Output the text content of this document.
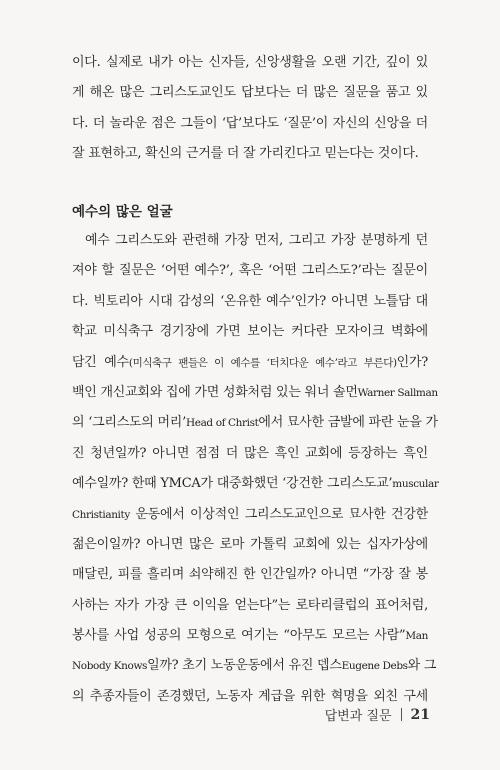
이다. 실제로 내가 아는 신자들, 신앙생활을 오랜 기간, 깊이 있
게 해온 많은 그리스도교인도 답보다는 더 많은 질문을 품고 있
다. 더 놀라운 점은 그들이 ‘답’보다도 ‘질문’이 자신의 신앙을 더
잘 표현하고, 확신의 근거를 더 잘 가리킨다고 믿는다는 것이다.
예수의 많은 얼굴
예수 그리스도와 관련해 가장 먼저, 그리고 가장 분명하게 던
져야 할 질문은 ‘어떤 예수?’, 혹은 ‘어떤 그리스도?’라는 질문이
다. 빅토리아 시대 감성의 ‘온유한 예수’인가? 아니면 노틀담 대
학교 미식축구 경기장에 가면 보이는 커다란 모자이크 벽화에
담긴 예수(미식축구 팬들은 이 예수를 ‘터치다운 예수’라고 부른다)인가?
백인 개신교회와 집에 가면 성화처럼 있는 워너 솔먼Warner Sallman
의 ‘그리스도의 머리’Head of Christ에서 묘사한 금발에 파란 눈을 가
진 청년일까? 아니면 점점 더 많은 흑인 교회에 등장하는 흑인
예수일까? 한때 YMCA가 대중화했던 ‘강건한 그리스도교’muscular
Christianity 운동에서 이상적인 그리스도교인으로 묘사한 건강한
젊은이일까? 아니면 많은 로마 가톨릭 교회에 있는 십자가상에
매달린, 피를 흘리며 쇠약해진 한 인간일까? 아니면 “가장 잘 봉
사하는 자가 가장 큰 이익을 얻는다”는 로타리클럽의 표어처럼,
봉사를 사업 성공의 모형으로 여기는 “아무도 모르는 사람”Man
Nobody Knows일까? 초기 노동운동에서 유진 뎁스Eugene Debs와 그
의 추종자들이 존경했던, 노동자 계급을 위한 혁명을 외친 구세
답변과 질문 21
